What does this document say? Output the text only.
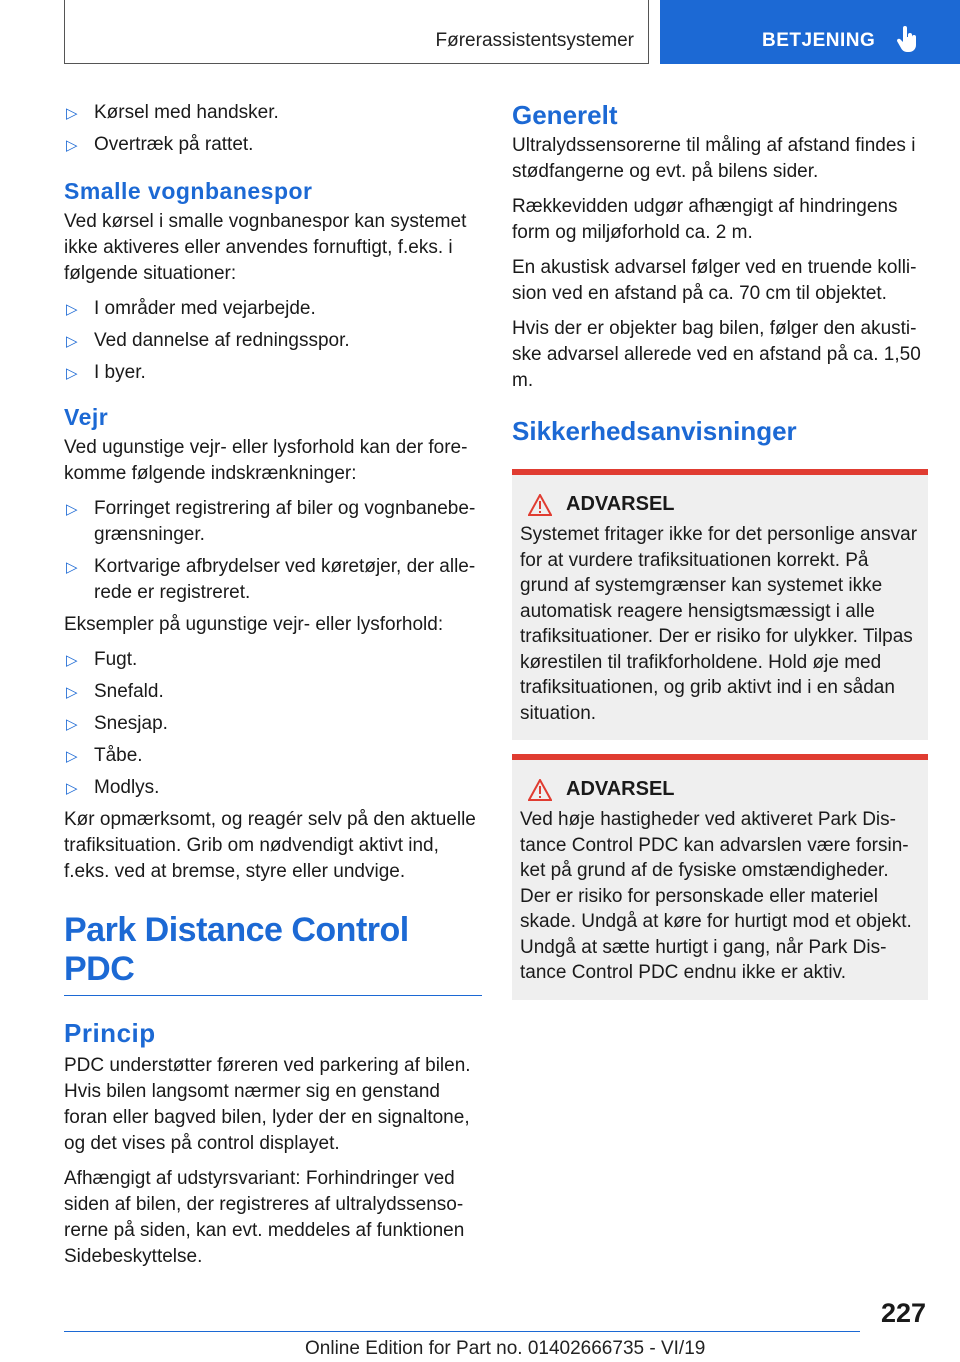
Førerassistentsystemer	BETJENING
▷ Kørsel med handsker.
▷ Overtræk på rattet.
Smalle vognbanespor

Ved kørsel i smalle vognbanespor kan systemet ikke aktiveres eller anvendes fornuftigt, f.eks. i følgende situationer:

▷ I områder med vejarbejde.
▷ Ved dannelse af redningsspor.
▷ I byer.
Vejr

Ved ugunstige vejr- eller lysforhold kan der forekomme følgende indskrænkninger:

▷ Forringet registrering af biler og vognbanebegrænsninger.
▷ Kortvarige afbrydelser ved køretøjer, der allerede er registreret.

Eksempler på ugunstige vejr- eller lysforhold:

▷ Fugt.
▷ Snefald.
▷ Snesjap.
▷ Tåbe.
▷ Modlys.

Kør opmærksomt, og reagér selv på den aktuelle trafiksituation. Grib om nødvendigt aktivt ind, f.eks. ved at bremse, styre eller undvige.

Park Distance Control PDC
Princip

PDC understøtter føreren ved parkering af bilen. Hvis bilen langsomt nærmer sig en genstand foran eller bagved bilen, lyder der en signaltone, og det vises på control displayet.

Afhængigt af udstyrsvariant: Forhindringer ved siden af bilen, der registreres af ultralydssensorerne på siden, kan evt. meddeles af funktionen Sidebeskyttelse.

Generelt

Ultralydssensorerne til måling af afstand findes i stødfangerne og evt. på bilens sider.

Rækkevidden udgør afhængigt af hindringens form og miljøforhold ca. 2 m.

En akustisk advarsel følger ved en truende kollision ved en afstand på ca. 70 cm til objektet.

Hvis der er objekter bag bilen, følger den akustiske advarsel allerede ved en afstand på ca. 1,50 m.

Sikkerhedsanvisninger
ADVARSEL

Systemet fritager ikke for det personlige ansvar for at vurdere trafiksituationen korrekt. På grund af systemgrænser kan systemet ikke automatisk reagere hensigtsmæssigt i alle trafiksituationer. Der er risiko for ulykker. Tilpas kørestilen til trafikforholdene. Hold øje med trafiksituationen, og grib aktivt ind i en sådan situation.

ADVARSEL

Ved høje hastigheder ved aktiveret Park Distance Control PDC kan advarslen være forsinket på grund af de fysiske omstændigheder. Der er risiko for personskade eller materiel skade. Undgå at køre for hurtigt mod et objekt. Undgå at sætte hurtigt i gang, når Park Distance Control PDC endnu ikke er aktiv.

227
Online Edition for Part no. 01402666735 - VI/19
